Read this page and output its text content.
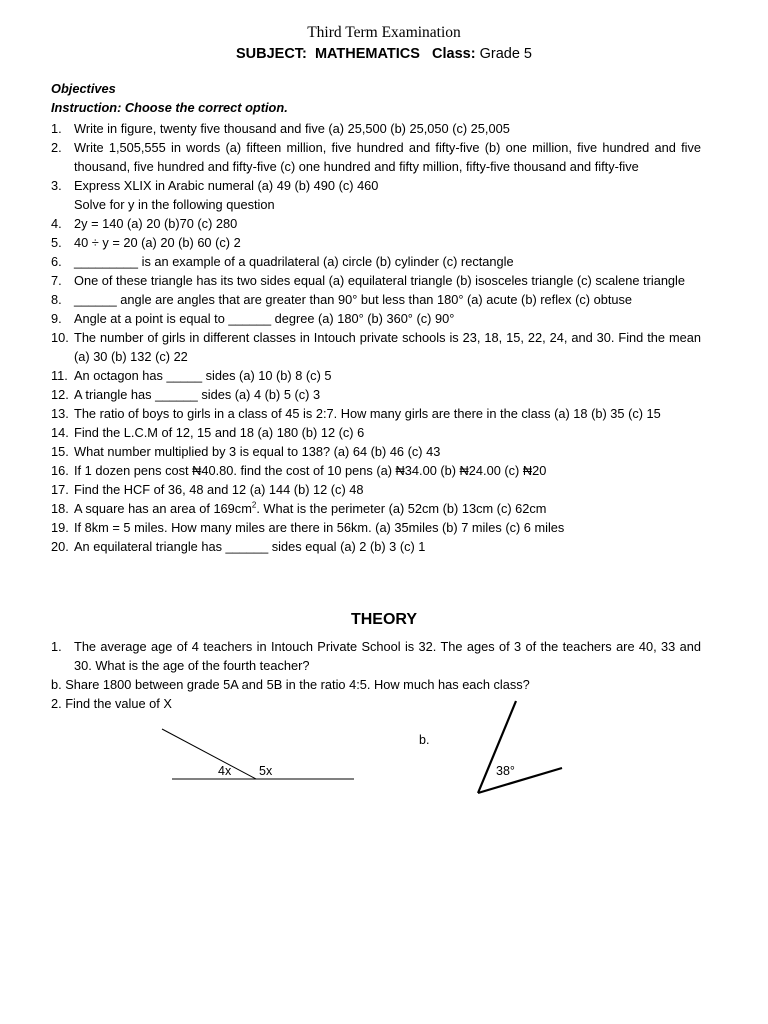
Third Term Examination
SUBJECT: MATHEMATICS Class: Grade 5
Objectives
Instruction: Choose the correct option.
1. Write in figure, twenty five thousand and five (a) 25,500 (b) 25,050 (c) 25,005
2. Write 1,505,555 in words (a) fifteen million, five hundred and fifty-five (b) one million, five hundred and five thousand, five hundred and fifty-five (c) one hundred and fifty million, fifty-five thousand and fifty-five
3. Express XLIX in Arabic numeral (a) 49 (b) 490 (c) 460
Solve for y in the following question
4. 2y = 140 (a) 20 (b)70 (c) 280
5. 40 ÷ y = 20 (a) 20 (b) 60 (c) 2
6. _________ is an example of a quadrilateral (a) circle (b) cylinder (c) rectangle
7. One of these triangle has its two sides equal (a) equilateral triangle (b) isosceles triangle (c) scalene triangle
8. ______ angle are angles that are greater than 90° but less than 180° (a) acute (b) reflex (c) obtuse
9. Angle at a point is equal to ______ degree (a) 180° (b) 360° (c) 90°
10. The number of girls in different classes in Intouch private schools is 23, 18, 15, 22, 24, and 30. Find the mean (a) 30 (b) 132 (c) 22
11. An octagon has _____ sides (a) 10 (b) 8 (c) 5
12. A triangle has ______ sides (a) 4 (b) 5 (c) 3
13. The ratio of boys to girls in a class of 45 is 2:7. How many girls are there in the class (a) 18 (b) 35 (c) 15
14. Find the L.C.M of 12, 15 and 18 (a) 180 (b) 12 (c) 6
15. What number multiplied by 3 is equal to 138? (a) 64 (b) 46 (c) 43
16. If 1 dozen pens cost ₦40.80. find the cost of 10 pens (a) ₦34.00 (b) ₦24.00 (c) ₦20
17. Find the HCF of 36, 48 and 12 (a) 144 (b) 12 (c) 48
18. A square has an area of $169cm^2$. What is the perimeter (a) 52cm (b) 13cm (c) 62cm
19. If 8km = 5 miles. How many miles are there in 56km. (a) 35miles (b) 7 miles (c) 6 miles
20. An equilateral triangle has ______ sides equal (a) 2 (b) 3 (c) 1
THEORY
1. The average age of 4 teachers in Intouch Private School is 32. The ages of 3 of the teachers are 40, 33 and 30. What is the age of the fourth teacher?
b. Share 1800 between grade 5A and 5B in the ratio 4:5. How much has each class?
2. Find the value of X
4x 5x
b.
38°
